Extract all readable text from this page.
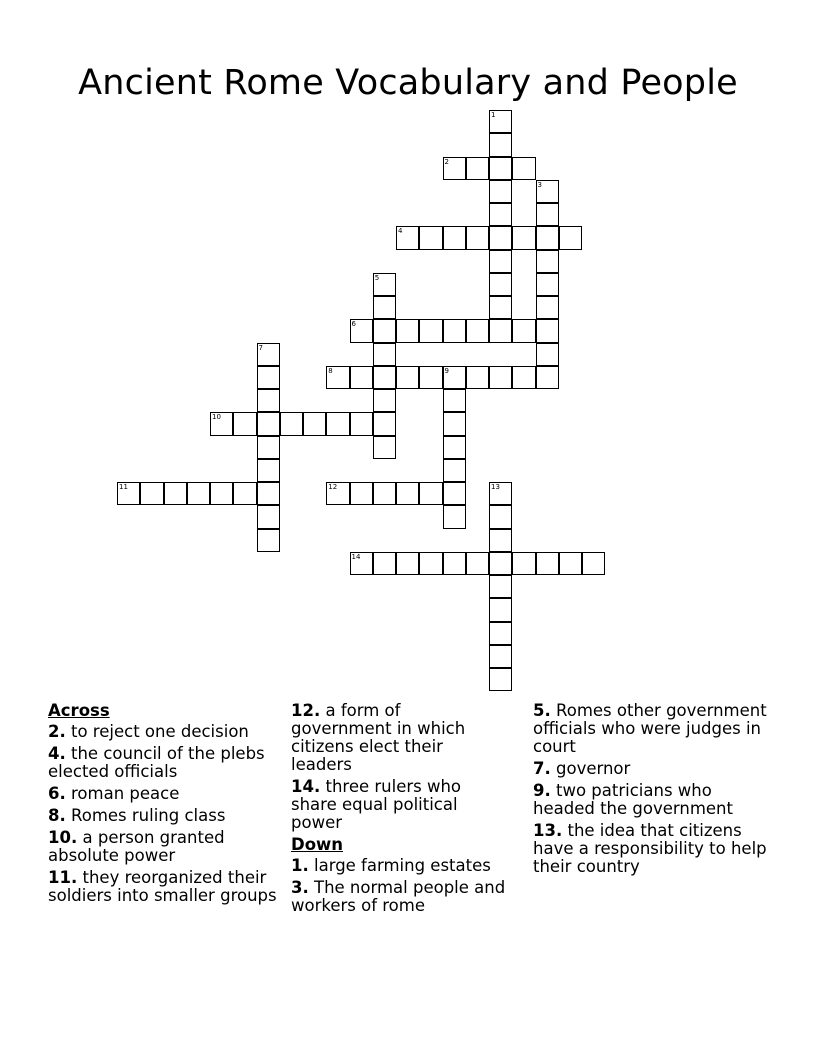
Ancient Rome Vocabulary and People
1
2
3
4
5
6
7
8	9
10
11	12	13
14
Across
2. to reject one decision
4. the council of the plebs elected officials
6. roman peace
8. Romes ruling class
10. a person granted absolute power
11. they reorganized their soldiers into smaller groups
12. a form of government in which citizens elect their leaders
14. three rulers who share equal political power
Down
1. large farming estates
3. The normal people and workers of rome
5. Romes other government officials who were judges in court
7. governor
9. two patricians who headed the government
13. the idea that citizens have a responsibility to help their country
